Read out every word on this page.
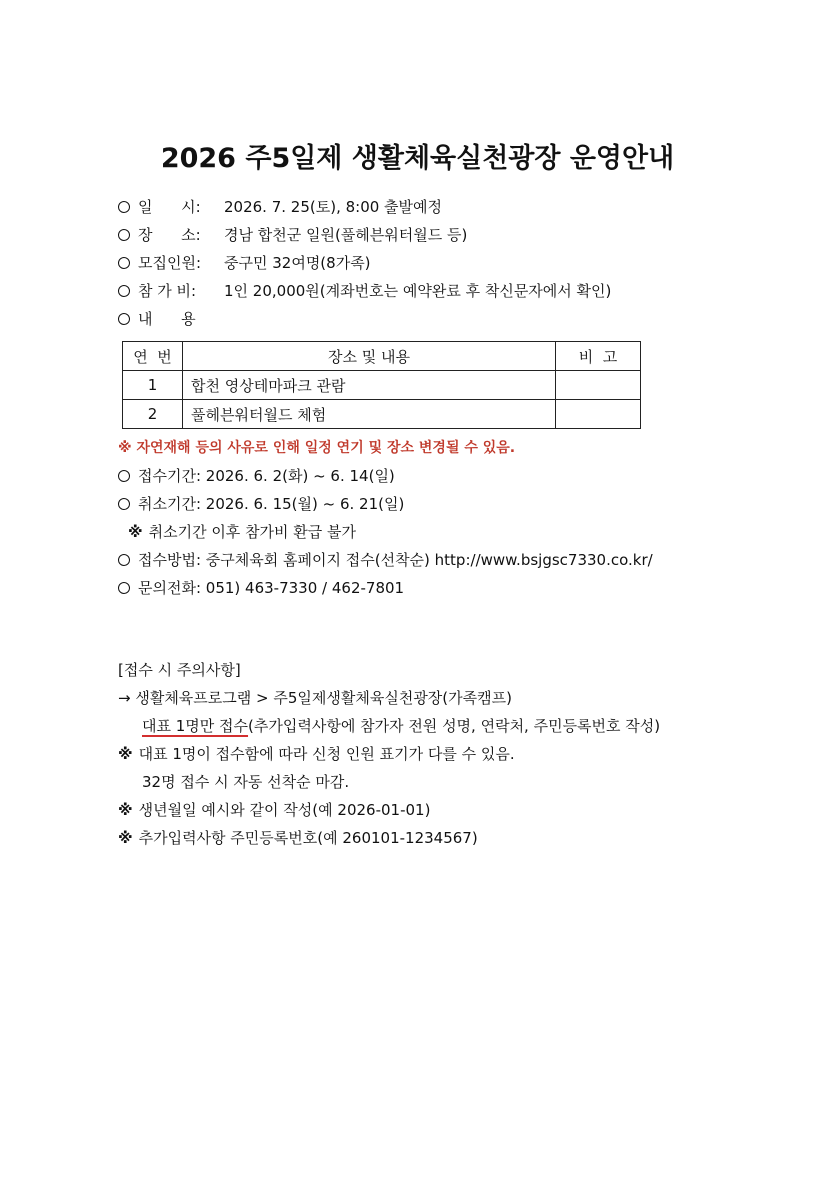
2026 주5일제 생활체육실천광장 운영안내
일      시: 2026. 7. 25(토), 8:00 출발예정
장      소: 경남 합천군 일원(풀헤븐워터월드 등)
모집인원: 중구민 32여명(8가족)
참 가 비: 1인 20,000원(계좌번호는 예약완료 후 착신문자에서 확인)
내      용
연  번	장소 및 내용	비  고
1	합천 영상테마파크 관람	
2	풀헤븐워터월드 체험	
※ 자연재해 등의 사유로 인해 일정 연기 및 장소 변경될 수 있음.
접수기간: 2026. 6. 2(화) ~ 6. 14(일)
취소기간: 2026. 6. 15(월) ~ 6. 21(일)
※ 취소기간 이후 참가비 환급 불가
접수방법: 중구체육회 홈페이지 접수(선착순) http://www.bsjgsc7330.co.kr/
문의전화: 051) 463-7330 / 462-7801
[접수 시 주의사항]
→ 생활체육프로그램 > 주5일제생활체육실천광장(가족캠프)
대표 1명만 접수(추가입력사항에 참가자 전원 성명, 연락처, 주민등록번호 작성)
※ 대표 1명이 접수함에 따라 신청 인원 표기가 다를 수 있음.
32명 접수 시 자동 선착순 마감.
※ 생년월일 예시와 같이 작성(예 2026-01-01)
※ 추가입력사항 주민등록번호(예 260101-1234567)
